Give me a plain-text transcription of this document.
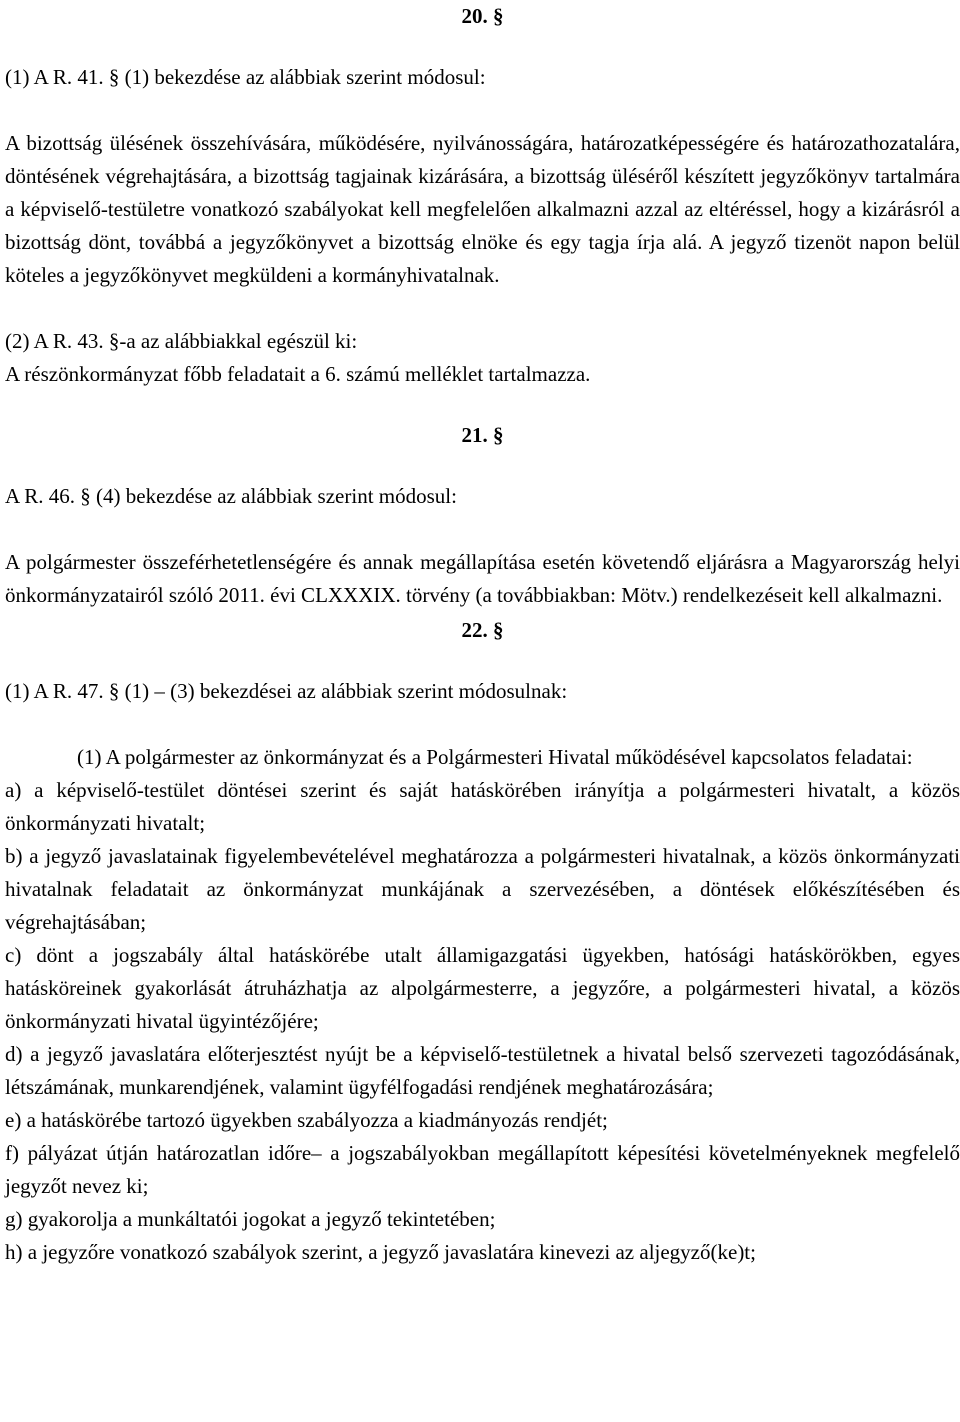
20. §

(1) A R. 41. § (1) bekezdése az alábbiak szerint módosul:

A bizottság ülésének összehívására, működésére, nyilvánosságára, határozatképességére és határozathozatalára, döntésének végrehajtására, a bizottság tagjainak kizárására, a bizottság üléséről készített jegyzőkönyv tartalmára a képviselő-testületre vonatkozó szabályokat kell megfelelően alkalmazni azzal az eltéréssel, hogy a kizárásról a bizottság dönt, továbbá a jegyzőkönyvet a bizottság elnöke és egy tagja írja alá. A jegyző tizenöt napon belül köteles a jegyzőkönyvet megküldeni a kormányhivatalnak.

(2) A R. 43. §-a az alábbiakkal egészül ki:

A részönkormányzat főbb feladatait a 6. számú melléklet tartalmazza.

21. §

A R. 46. § (4) bekezdése az alábbiak szerint módosul:

A polgármester összeférhetetlenségére és annak megállapítása esetén követendő eljárásra a Magyarország helyi önkormányzatairól szóló 2011. évi CLXXXIX. törvény (a továbbiakban: Mötv.) rendelkezéseit kell alkalmazni.

22. §

(1) A R. 47. § (1) – (3) bekezdései az alábbiak szerint módosulnak:

(1) A polgármester az önkormányzat és a Polgármesteri Hivatal működésével kapcsolatos feladatai:

a) a képviselő-testület döntései szerint és saját hatáskörében irányítja a polgármesteri hivatalt, a közös önkormányzati hivatalt;

b) a jegyző javaslatainak figyelembevételével meghatározza a polgármesteri hivatalnak, a közös önkormányzati hivatalnak feladatait az önkormányzat munkájának a szervezésében, a döntések előkészítésében és végrehajtásában;

c) dönt a jogszabály által hatáskörébe utalt államigazgatási ügyekben, hatósági hatáskörökben, egyes hatásköreinek gyakorlását átruházhatja az alpolgármesterre, a jegyzőre, a polgármesteri hivatal, a közös önkormányzati hivatal ügyintézőjére;

d) a jegyző javaslatára előterjesztést nyújt be a képviselő-testületnek a hivatal belső szervezeti tagozódásának, létszámának, munkarendjének, valamint ügyfélfogadási rendjének meghatározására;

e) a hatáskörébe tartozó ügyekben szabályozza a kiadmányozás rendjét;

f) pályázat útján határozatlan időre– a jogszabályokban megállapított képesítési követelményeknek megfelelő jegyzőt nevez ki;

g) gyakorolja a munkáltatói jogokat a jegyző tekintetében;

h) a jegyzőre vonatkozó szabályok szerint, a jegyző javaslatára kinevezi az aljegyző(ke)t;
